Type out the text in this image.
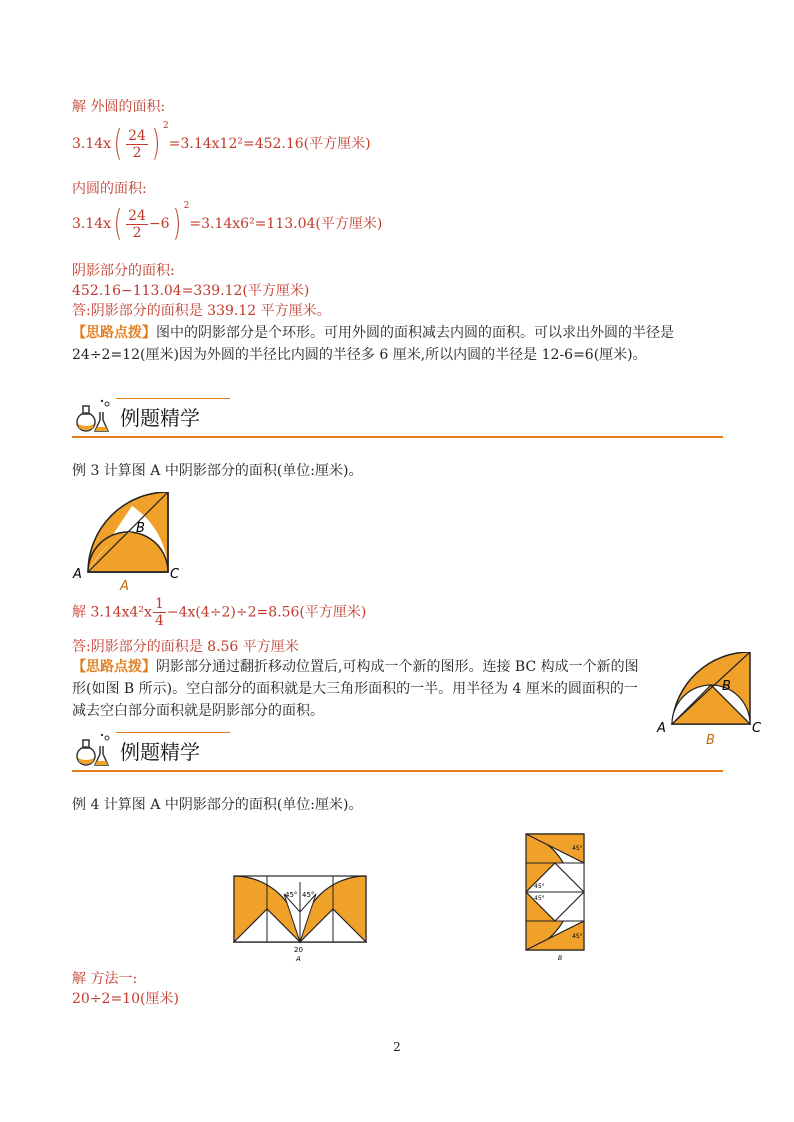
解 外圆的面积:
$3.14x( \frac{24}{2}$ ) $^2$=3.14x12²=452.16(平方厘米)
内圆的面积:
$3.14x( \frac{24}{2} -6)$ $^2$=3.14x6²=113.04(平方厘米)
阴影部分的面积:
452.16−113.04=339.12(平方厘米)
答:阴影部分的面积是 339.12 平方厘米。
【思路点拨】图中的阴影部分是个环形。可用外圆的面积减去内圆的面积。可以求出外圆的半径是 24÷2=12(厘米)因为外圆的半径比内圆的半径多 6 厘米,所以内圆的半径是 12-6=6(厘米)。
例题精学
例 3 计算图 A 中阴影部分的面积(单位:厘米)。
A
B
C
A
解 $3.14x4^2x \frac{1}{4} -4x(4\div 2)\div 2=8.56$(平方厘米)
答:阴影部分的面积是 8.56 平方厘米
【思路点拨】阴影部分通过翻折移动位置后,可构成一个新的图形。连接 BC 构成一个新的图形(如图 B 所示)。空白部分的面积就是大三角形面积的一半。用半径为 4 厘米的圆面积的一减去空白部分面积就是阴影部分的面积。
A
B
C
B
例题精学
例 4 计算图 A 中阴影部分的面积(单位:厘米)。
45° 45°
20
A
45°
45°
45°
45°
B
解 方法一:
20÷2=10(厘米)
2
